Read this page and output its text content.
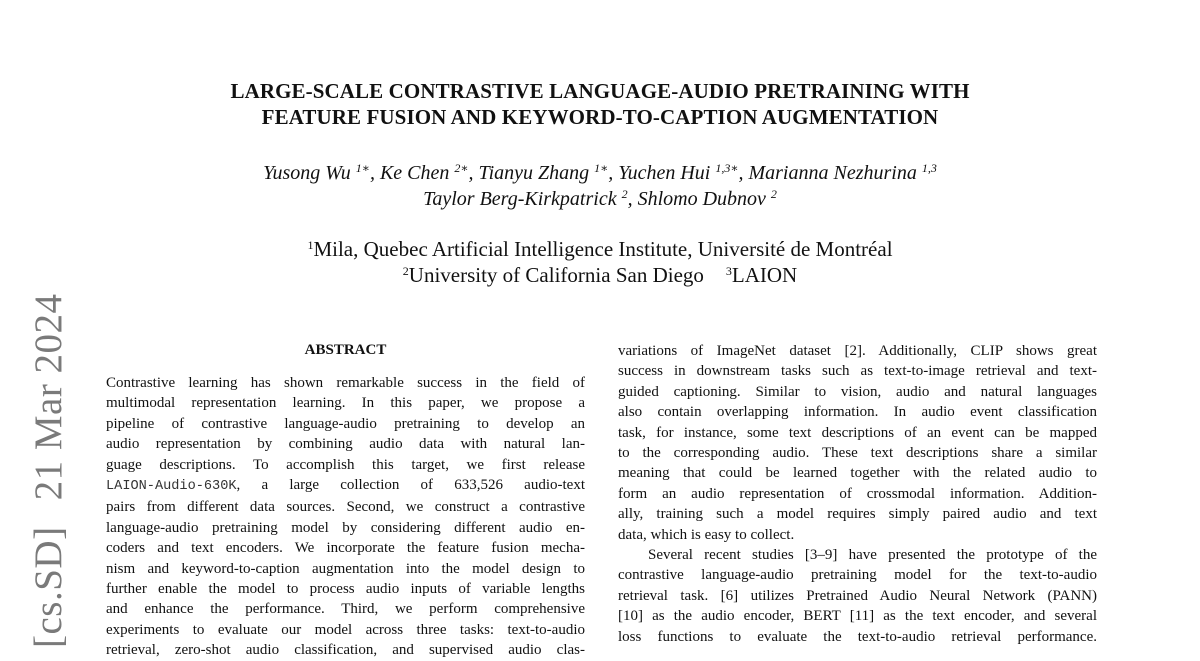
LARGE-SCALE CONTRASTIVE LANGUAGE-AUDIO PRETRAINING WITH
FEATURE FUSION AND KEYWORD-TO-CAPTION AUGMENTATION
Yusong Wu $^{1∗}$, Ke Chen $^{2∗}$, Tianyu Zhang $^{1∗}$, Yuchen Hui $^{1,3∗}$, Marianna Nezhurina $^{1,3}$
Taylor Berg-Kirkpatrick $^2$, Shlomo Dubnov $^2$
$^1$Mila, Quebec Artificial Intelligence Institute, Université de Montréal
$^2$University of California San Diego $^3$LAION
[cs.SD]21 Mar 2024	ABSTRACT

Contrastive learning has shown remarkable success in the field of
multimodal representation learning. In this paper, we propose a
pipeline of contrastive language-audio pretraining to develop an
audio representation by combining audio data with natural lan-
guage descriptions. To accomplish this target, we first release
LAION-Audio-630K, a large collection of 633,526 audio-text
pairs from different data sources. Second, we construct a contrastive
language-audio pretraining model by considering different audio en-
coders and text encoders. We incorporate the feature fusion mecha-
nism and keyword-to-caption augmentation into the model design to
further enable the model to process audio inputs of variable lengths
and enhance the performance. Third, we perform comprehensive
experiments to evaluate our model across three tasks: text-to-audio
retrieval, zero-shot audio classification, and supervised audio clas-

variations of ImageNet dataset [2]. Additionally, CLIP shows great
success in downstream tasks such as text-to-image retrieval and text-
guided captioning. Similar to vision, audio and natural languages
also contain overlapping information. In audio event classification
task, for instance, some text descriptions of an event can be mapped
to the corresponding audio. These text descriptions share a similar
meaning that could be learned together with the related audio to
form an audio representation of crossmodal information. Addition-
ally, training such a model requires simply paired audio and text
data, which is easy to collect.

Several recent studies [3–9] have presented the prototype of the
contrastive language-audio pretraining model for the text-to-audio
retrieval task. [6] utilizes Pretrained Audio Neural Network (PANN)
[10] as the audio encoder, BERT [11] as the text encoder, and several
loss functions to evaluate the text-to-audio retrieval performance.
